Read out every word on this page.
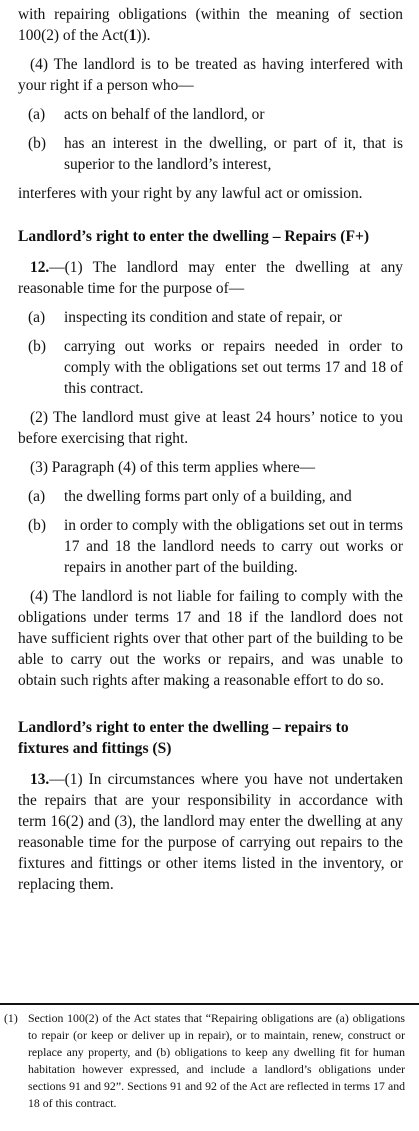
with repairing obligations (within the meaning of section 100(2) of the Act(1)).

(4) The landlord is to be treated as having interfered with your right if a person who—

(a)	acts on behalf of the landlord, or
(b)	has an interest in the dwelling, or part of it, that is superior to the landlord’s interest,

interferes with your right by any lawful act or omission.

Landlord’s right to enter the dwelling – Repairs (F+)

12.—(1) The landlord may enter the dwelling at any reasonable time for the purpose of—

(a)	inspecting its condition and state of repair, or
(b)	carrying out works or repairs needed in order to comply with the obligations set out terms 17 and 18 of this contract.

(2) The landlord must give at least 24 hours’ notice to you before exercising that right.

(3) Paragraph (4) of this term applies where—

(a)	the dwelling forms part only of a building, and
(b)	in order to comply with the obligations set out in terms 17 and 18 the landlord needs to carry out works or repairs in another part of the building.

(4) The landlord is not liable for failing to comply with the obligations under terms 17 and 18 if the landlord does not have sufficient rights over that other part of the building to be able to carry out the works or repairs, and was unable to obtain such rights after making a reasonable effort to do so.

Landlord’s right to enter the dwelling – repairs to fixtures and fittings (S)

13.—(1) In circumstances where you have not undertaken the repairs that are your responsibility in accordance with term 16(2) and (3), the landlord may enter the dwelling at any reasonable time for the purpose of carrying out repairs to the fixtures and fittings or other items listed in the inventory, or replacing them.

(1) Section 100(2) of the Act states that “Repairing obligations are (a) obligations to repair (or keep or deliver up in repair), or to maintain, renew, construct or replace any property, and (b) obligations to keep any dwelling fit for human habitation however expressed, and include a landlord’s obligations under sections 91 and 92”. Sections 91 and 92 of the Act are reflected in terms 17 and 18 of this contract.
